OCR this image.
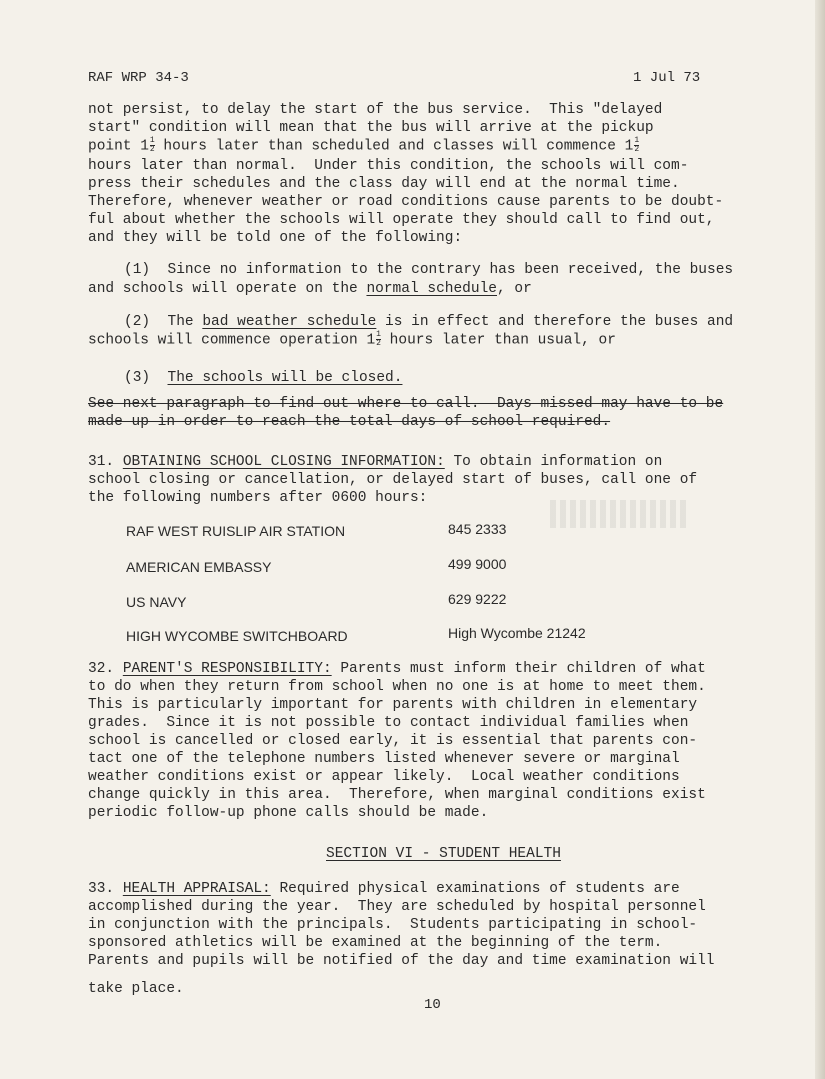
RAF WRP 34-3	1 Jul 73
not persist, to delay the start of the bus service.  This "delayed
start" condition will mean that the bus will arrive at the pickup
point $1 \frac{1}{2}$ hours later than scheduled and classes will commence $1 \frac{1}{2}$
hours later than normal.  Under this condition, the schools will com-
press their schedules and the class day will end at the normal time.
Therefore, whenever weather or road conditions cause parents to be doubt-
ful about whether the schools will operate they should call to find out,
and they will be told one of the following:
(1)  Since no information to the contrary has been received, the buses
and schools will operate on the normal schedule, or
(2)  The bad weather schedule is in effect and therefore the buses and
schools will commence operation $1 \frac{1}{2}$ hours later than usual, or
(3)  The schools will be closed.
See next paragraph to find out where to call.  Days missed may have to be
made up in order to reach the total days of school required.
31. OBTAINING SCHOOL CLOSING INFORMATION: To obtain information on
school closing or cancellation, or delayed start of buses, call one of
the following numbers after 0600 hours:
RAF WEST RUISLIP AIR STATION	845 2333
AMERICAN EMBASSY	499 9000
US NAVY	629 9222
HIGH WYCOMBE SWITCHBOARD	High Wycombe 21242
32. PARENT'S RESPONSIBILITY: Parents must inform their children of what
to do when they return from school when no one is at home to meet them.
This is particularly important for parents with children in elementary
grades.  Since it is not possible to contact individual families when
school is cancelled or closed early, it is essential that parents con-
tact one of the telephone numbers listed whenever severe or marginal
weather conditions exist or appear likely.  Local weather conditions
change quickly in this area.  Therefore, when marginal conditions exist
periodic follow-up phone calls should be made.
SECTION VI - STUDENT HEALTH
33. HEALTH APPRAISAL: Required physical examinations of students are
accomplished during the year.  They are scheduled by hospital personnel
in conjunction with the principals.  Students participating in school-
sponsored athletics will be examined at the beginning of the term.
Parents and pupils will be notified of the day and time examination will
take place.
10
